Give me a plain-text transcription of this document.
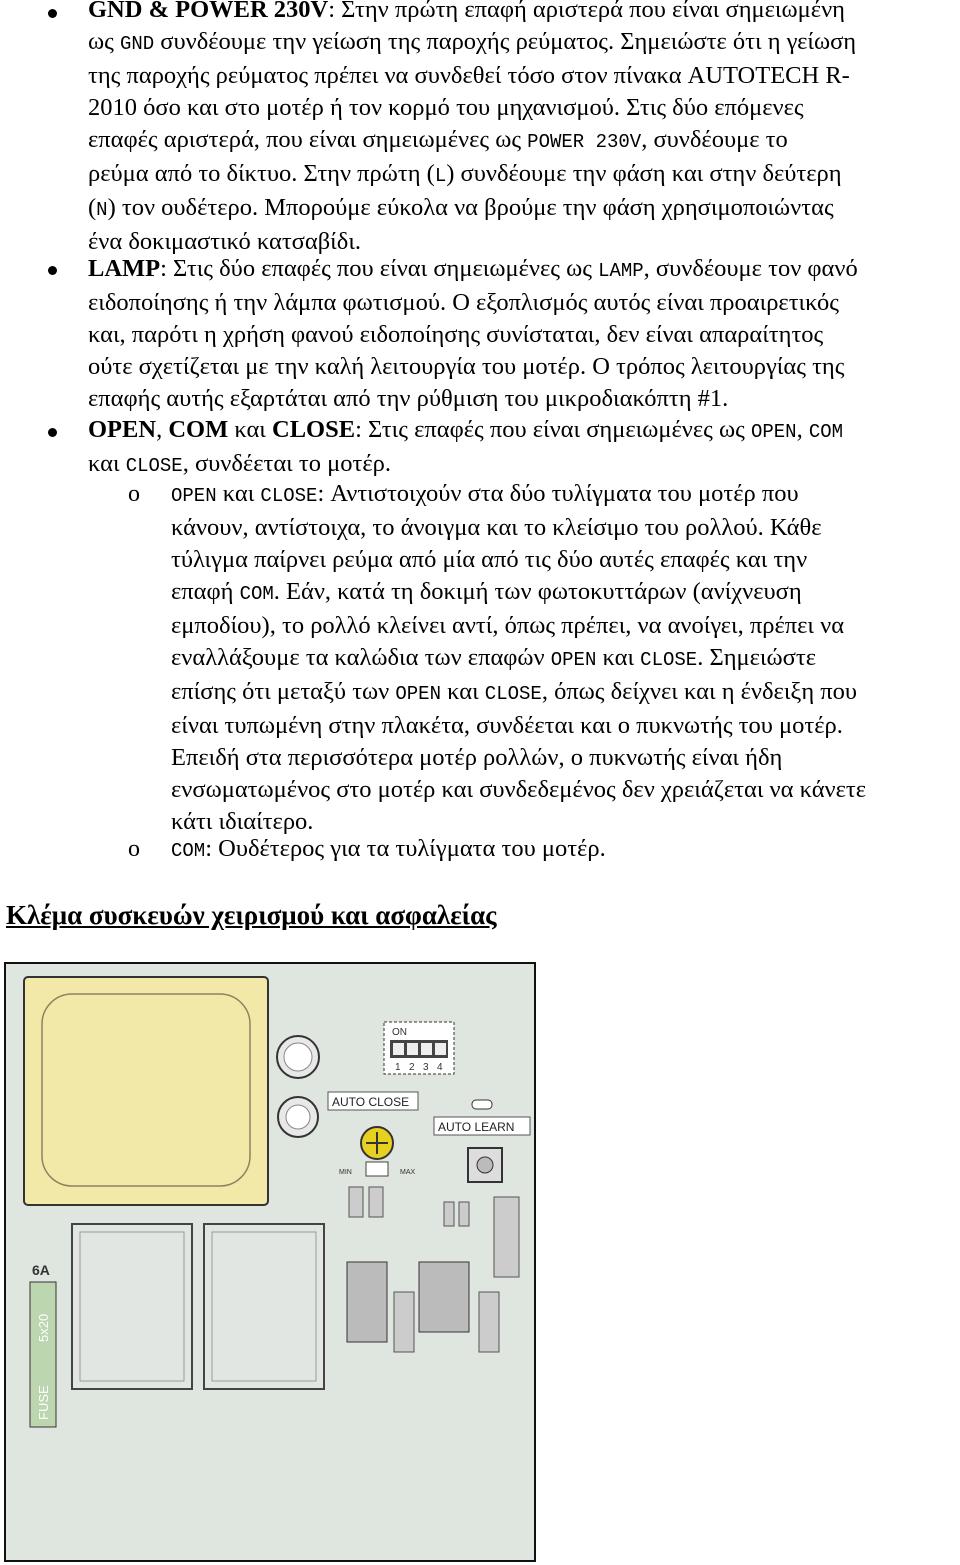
GND & POWER 230V: Στην πρώτη επαφή αριστερά που είναι σημειωμένη
ως GND συνδέουμε την γείωση της παροχής ρεύματος. Σημειώστε ότι η γείωση
της παροχής ρεύματος πρέπει να συνδεθεί τόσο στον πίνακα AUTOTECH R-
2010 όσο και στο μοτέρ ή τον κορμό του μηχανισμού. Στις δύο επόμενες
επαφές αριστερά, που είναι σημειωμένες ως POWER 230V, συνδέουμε το
ρεύμα από το δίκτυο. Στην πρώτη (L) συνδέουμε την φάση και στην δεύτερη
(N) τον ουδέτερο. Μπορούμε εύκολα να βρούμε την φάση χρησιμοποιώντας
ένα δοκιμαστικό κατσαβίδι.
LAMP: Στις δύο επαφές που είναι σημειωμένες ως LAMP, συνδέουμε τον φανό
ειδοποίησης ή την λάμπα φωτισμού. Ο εξοπλισμός αυτός είναι προαιρετικός
και, παρότι η χρήση φανού ειδοποίησης συνίσταται, δεν είναι απαραίτητος
ούτε σχετίζεται με την καλή λειτουργία του μοτέρ. Ο τρόπος λειτουργίας της
επαφής αυτής εξαρτάται από την ρύθμιση του μικροδιακόπτη #1.
OPEN, COM και CLOSE: Στις επαφές που είναι σημειωμένες ως OPEN, COM
και CLOSE, συνδέεται το μοτέρ.
o OPEN και CLOSE: Αντιστοιχούν στα δύο τυλίγματα του μοτέρ που
κάνουν, αντίστοιχα, το άνοιγμα και το κλείσιμο του ρολλού. Κάθε
τύλιγμα παίρνει ρεύμα από μία από τις δύο αυτές επαφές και την
επαφή COM. Εάν, κατά τη δοκιμή των φωτοκυττάρων (ανίχνευση
εμποδίου), το ρολλό κλείνει αντί, όπως πρέπει, να ανοίγει, πρέπει να
εναλλάξουμε τα καλώδια των επαφών OPEN και CLOSE. Σημειώστε
επίσης ότι μεταξύ των OPEN και CLOSE, όπως δείχνει και η ένδειξη που
είναι τυπωμένη στην πλακέτα, συνδέεται και ο πυκνωτής του μοτέρ.
Επειδή στα περισσότερα μοτέρ ρολλών, ο πυκνωτής είναι ήδη
ενσωματωμένος στο μοτέρ και συνδεδεμένος δεν χρειάζεται να κάνετε
κάτι ιδιαίτερο.
o COM: Ουδέτερος για τα τυλίγματα του μοτέρ.
Κλέμα συσκευών χειρισμού και ασφαλείας
ON
1 2 3 4
AUTO CLOSE
MIN	MAX
AUTO LEARN
6A
5x20
FUSE
